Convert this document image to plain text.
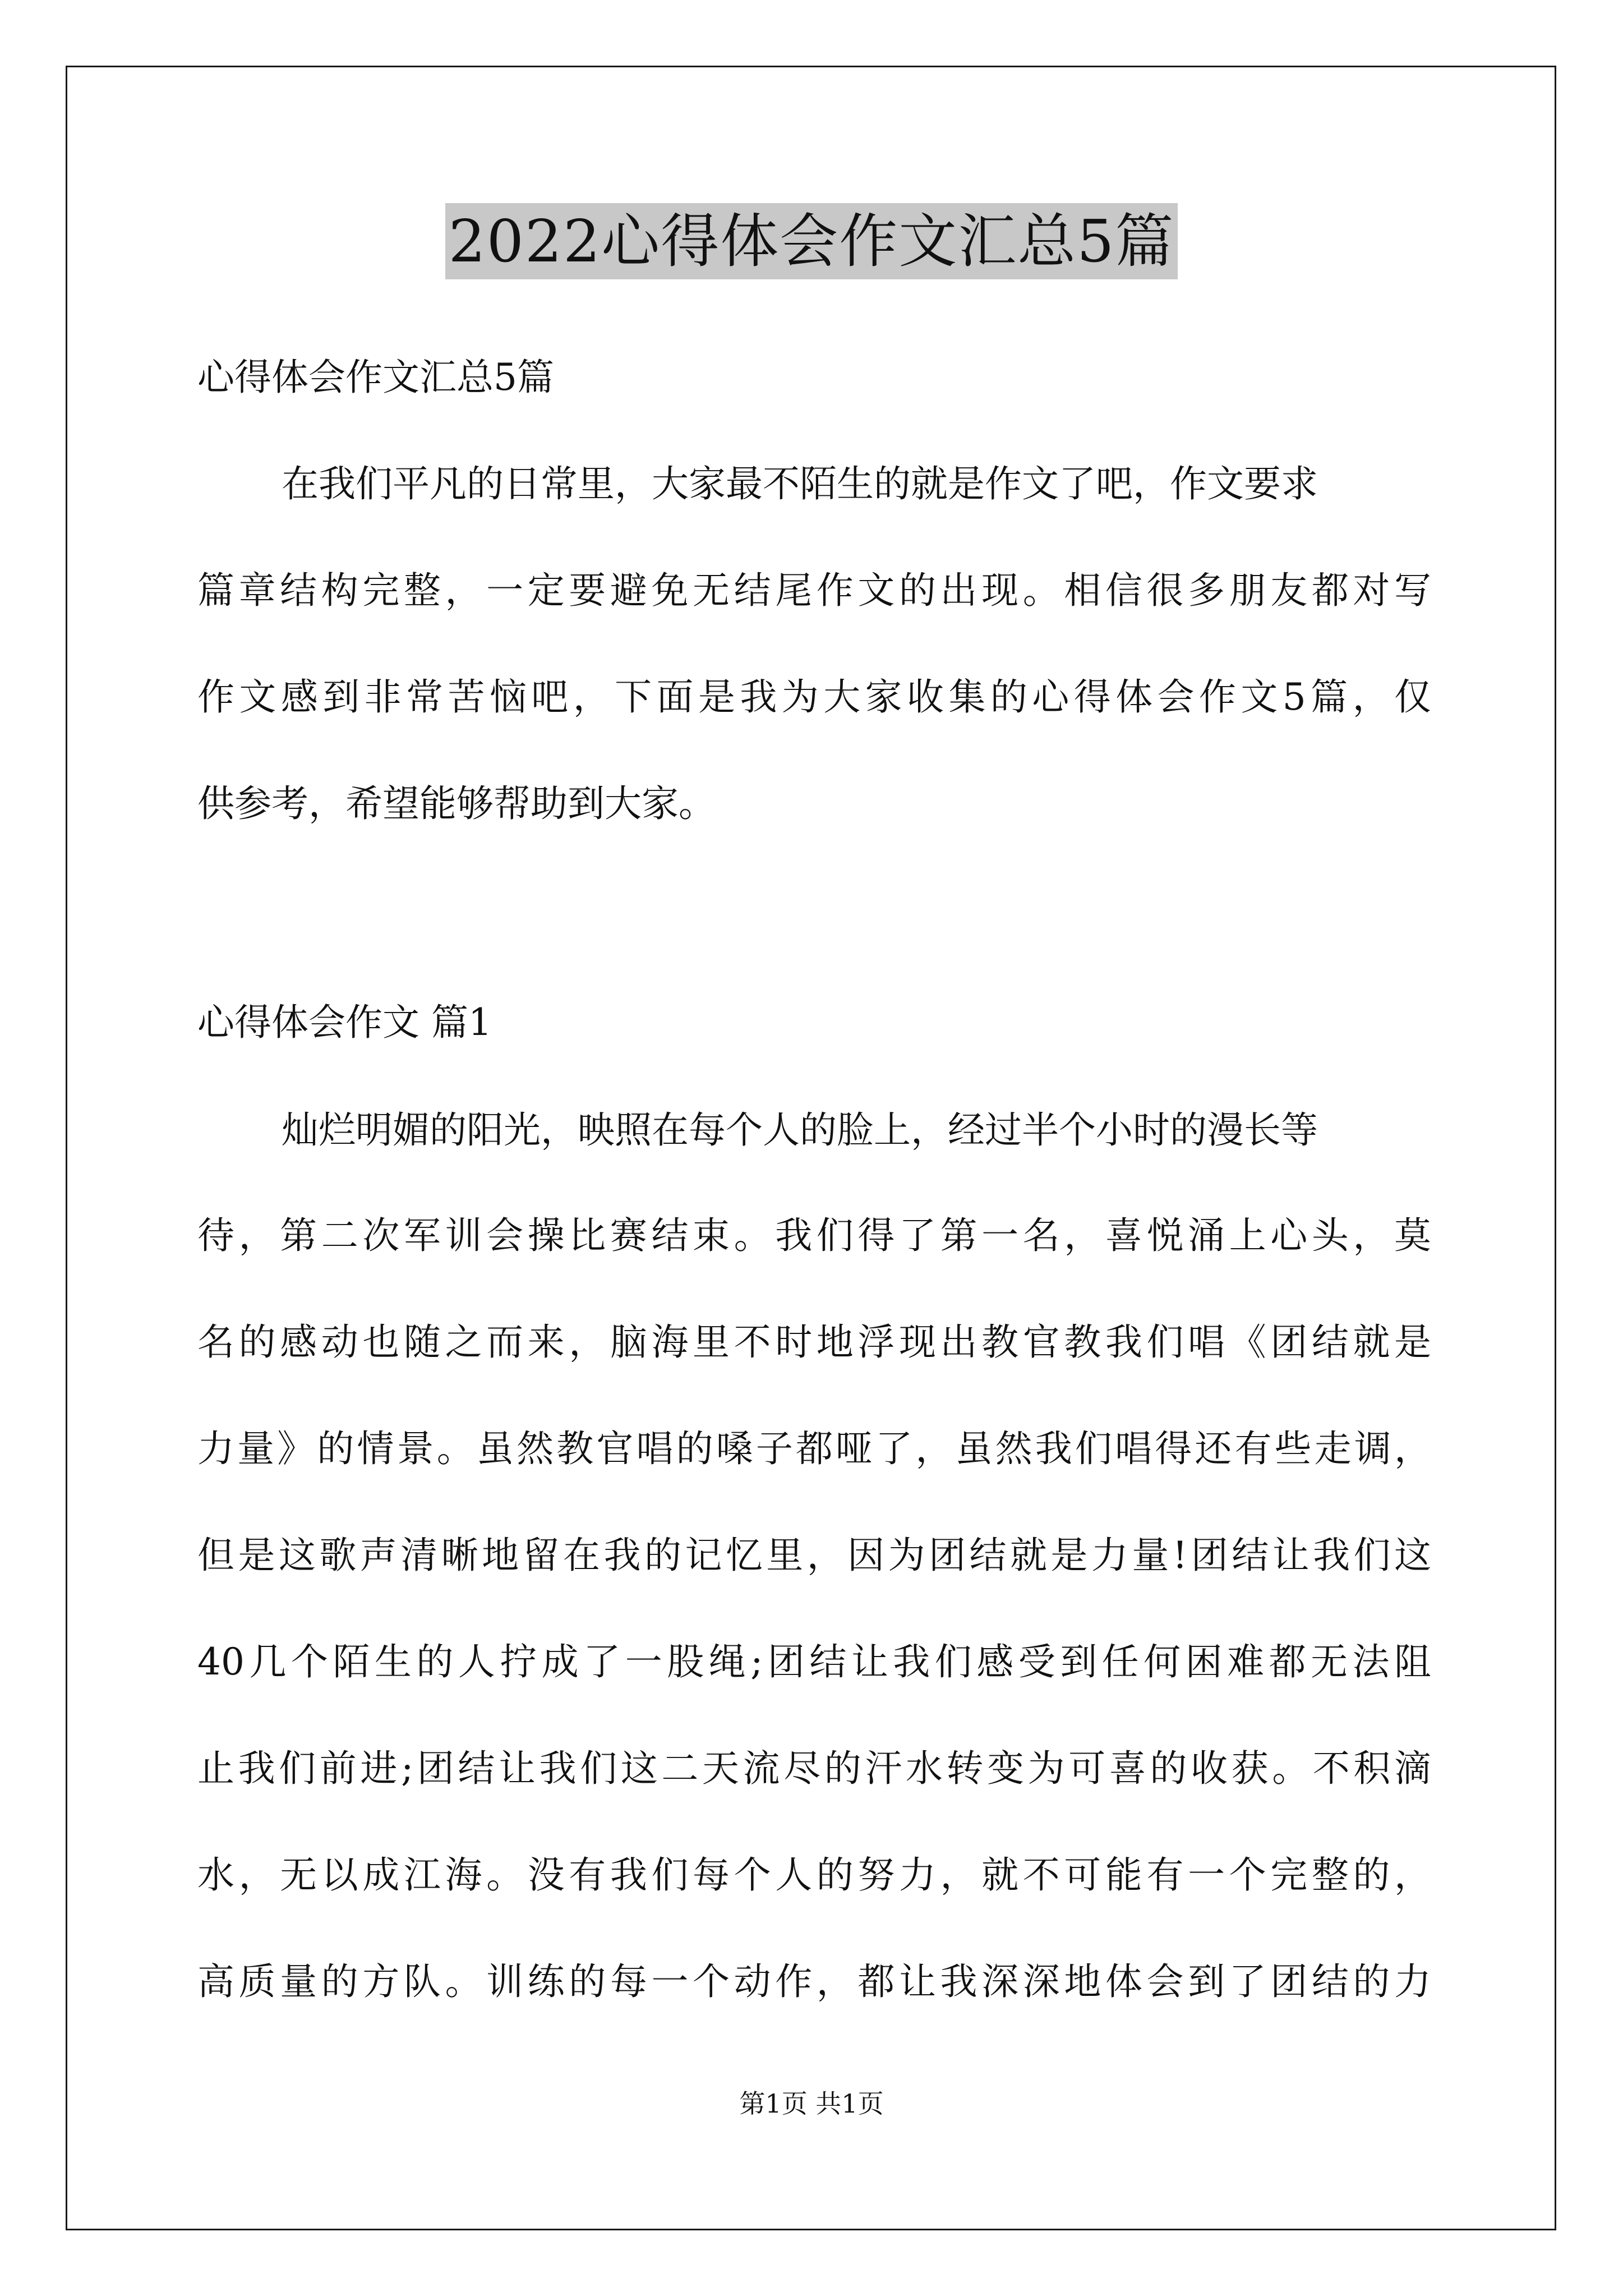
2022心得体会作文汇总5篇
心得体会作文汇总5篇
在我们平凡的日常里，大家最不陌生的就是作文了吧，作文要求
篇章结构完整，一定要避免无结尾作文的出现。相信很多朋友都对写
作文感到非常苦恼吧，下面是我为大家收集的心得体会作文5篇，仅
供参考，希望能够帮助到大家。
心得体会作文 篇1
灿烂明媚的阳光，映照在每个人的脸上，经过半个小时的漫长等
待，第二次军训会操比赛结束。我们得了第一名，喜悦涌上心头，莫
名的感动也随之而来，脑海里不时地浮现出教官教我们唱《团结就是
力量》的情景。虽然教官唱的嗓子都哑了，虽然我们唱得还有些走调，
但是这歌声清晰地留在我的记忆里，因为团结就是力量!团结让我们这
40几个陌生的人拧成了一股绳;团结让我们感受到任何困难都无法阻
止我们前进;团结让我们这二天流尽的汗水转变为可喜的收获。不积滴
水，无以成江海。没有我们每个人的努力，就不可能有一个完整的，
高质量的方队。训练的每一个动作，都让我深深地体会到了团结的力
第1页 共1页
